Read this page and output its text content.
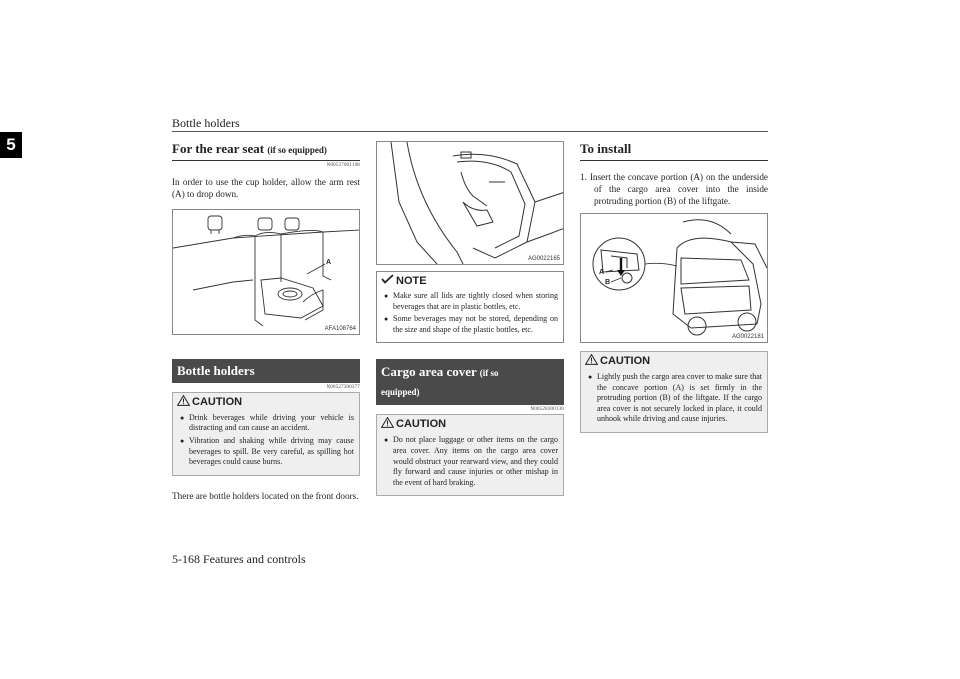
Bottle holders
5	For the rear seat (if so equipped)
N00537001198
In order to use the cup holder, allow the arm rest (A) to drop down.
A
AFA108764
Bottle holders
N00527300377
CAUTION
● Drink beverages while driving your vehicle is distracting and can cause an accident.
● Vibration and shaking while driving may cause beverages to spill. Be very careful, as spilling hot beverages could cause burns.
There are bottle holders located on the front doors.
AG0022165
NOTE
● Make sure all lids are tightly closed when storing beverages that are in plastic bottles, etc.
● Some beverages may not be stored, depending on the size and shape of the plastic bottles, etc.
Cargo area cover (if so
equipped)
N00528300130
CAUTION
● Do not place luggage or other items on the cargo area cover. Any items on the cargo area cover would obstruct your rearward view, and they could fly forward and cause injuries or other mishap in the event of hard braking.
To install
1. Insert the concave portion (A) on the underside of the cargo area cover into the inside protruding portion (B) of the liftgate.
A
B
AG0022181
CAUTION
● Lightly push the cargo area cover to make sure that the concave portion (A) is set firmly in the protruding portion (B) of the liftgate. If the cargo area cover is not securely locked in place, it could unhook while driving and cause injuries.
5-168 Features and controls
